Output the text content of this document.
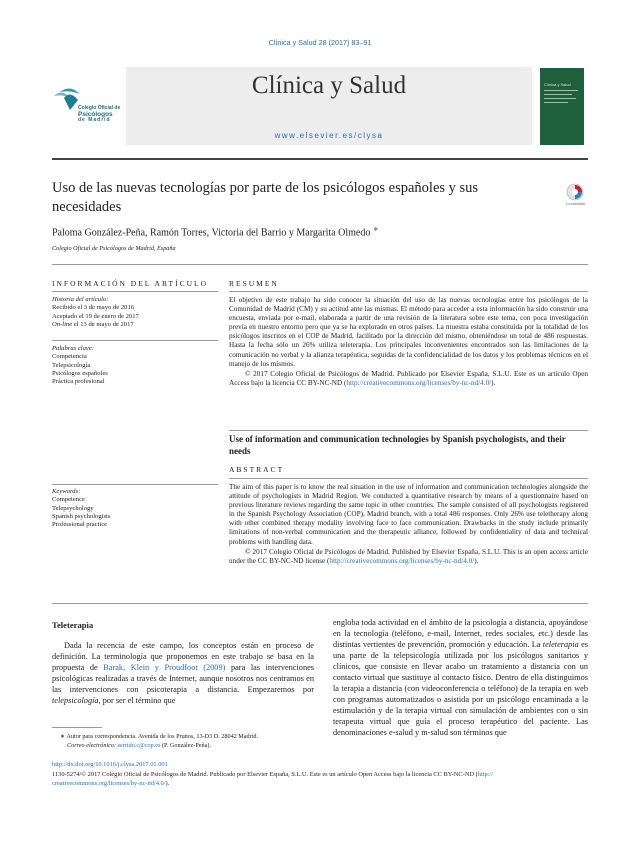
Clínica y Salud 28 (2017) 83–91
Colegio Oficial de
Psicólogos
de Madrid
Clínica y Salud
www.elsevier.es/clysa
Clínica y Salud
Uso de las nuevas tecnologías por parte de los psicólogos españoles y sus necesidades	CrossMark
Paloma González-Peña, Ramón Torres, Victoria del Barrio y Margarita Olmedo ∗
Colegio Oficial de Psicólogos de Madrid, España
INFORMACIÓN DEL ARTÍCULO
Historia del artículo:
Recibido el 3 de mayo de 2016
Aceptado el 19 de enero de 2017
On-line el 13 de mayo de 2017
Palabras clave:
Competencia
Telepsicología
Psicólogos españoles
Práctica profesional
Keywords:
Competence
Telepsychology
Spanish psychologists
Professional practice
RESUMEN

El objetivo de este trabajo ha sido conocer la situación del uso de las nuevas tecnologías entre los psicólogos de la Comunidad de Madrid (CM) y su actitud ante las mismas. El método para acceder a esta información ha sido construir una encuesta, enviada por e-mail, elaborada a partir de una revisión de la literatura sobre este tema, con poca investigación previa en nuestro entorno pero que ya se ha explorado en otros países. La muestra estaba constituida por la totalidad de los psicólogos inscritos en el COP de Madrid, facilitado por la dirección del mismo, obteniéndose un total de 486 respuestas. Hasta la fecha sólo un 26% utiliza teleterapia. Los principales inconvenientes encontrados son las limitaciones de la comunicación no verbal y la alianza terapéutica, seguidas de la confidencialidad de los datos y los problemas técnicos en el manejo de los mismos.

© 2017 Colegio Oficial de Psicólogos de Madrid. Publicado por Elsevier España, S.L.U. Este es un artículo Open Access bajo la licencia CC BY-NC-ND (http://creativecommons.org/licenses/by-nc-nd/4.0/).

Use of information and communication technologies by Spanish psychologists, and their needs
ABSTRACT

The aim of this paper is to know the real situation in the use of information and communication technologies alongside the attitude of psychologists in Madrid Region. We conducted a quantitative research by means of a questionnaire based on previous literature reviews regarding the same topic in other countries. The sample consisted of all psychologists registered in the Spanish Psychology Association (COP), Madrid branch, with a total 486 responses. Only 26% use teletherapy along with other combined therapy modality involving face to face communication. Drawbacks in the study include primarily limitations of non-verbal communication and the therapeutic alliance, followed by confidentiality of data and technical problems with handling data.

© 2017 Colegio Oficial de Psicólogos de Madrid. Published by Elsevier España, S.L.U. This is an open access article under the CC BY-NC-ND license (http://creativecommons.org/licenses/by-nc-nd/4.0/).

Teleterapia

Dada la recencia de este campo, los conceptos están en proceso de definición. La terminología que proponemos en este trabajo se basa en la propuesta de Barak, Klein y Proudfoot (2009) para las intervenciones psicológicas realizadas a través de Internet, aunque nosotros nos centramos en las intervenciones con psicoterapia a distancia. Empezaremos por telepsicología, por ser el término que

engloba toda actividad en el ámbito de la psicología a distancia, apoyándose en la tecnología (teléfono, e-mail, Internet, redes sociales, etc.) desde las distintas vertientes de prevención, promoción y educación. La teleterapia es una parte de la telepsicología utilizada por los psicólogos sanitarios y clínicos, que consiste en llevar acabo un tratamiento a distancia con un contacto virtual que sustituye al contacto físico. Dentro de ella distinguimos la terapia a distancia (con videoconferencia o teléfono) de la terapia en web con programas automatizados o asistida por un psicólogo encaminada a la estimulación y de la terapia virtual con simulación de ambientes con o sin terapeuta virtual que guía el proceso terapéutico del paciente. Las denominaciones e-salud y m-salud son términos que

∗ Autor para correspondencia. Avenida de los Prunos, 13-D3 D. 28042 Madrid.
Correo electrónico: serrido.c@cop.es (P. González-Peña).
http://dx.doi.org/10.1016/j.clysa.2017.01.001
1130-5274/© 2017 Colegio Oficial de Psicólogos de Madrid. Publicado por Elsevier España, S.L.U. Este es un artículo Open Access bajo la licencia CC BY-NC-ND (http://
creativecommons.org/licenses/by-nc-nd/4.0/).
